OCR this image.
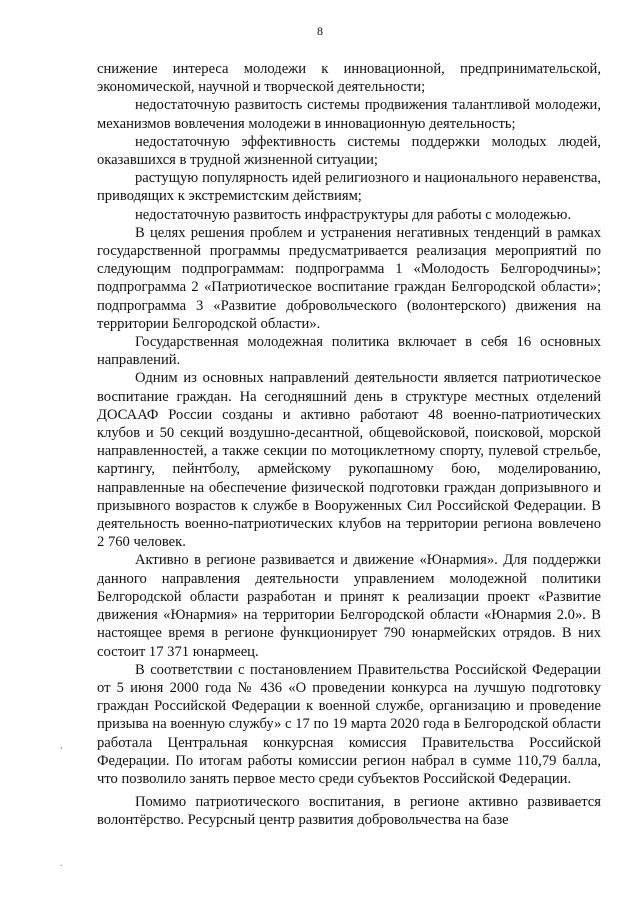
8

снижение интереса молодежи к инновационной, предпринимательской, экономической, научной и творческой деятельности;

недостаточную развитость системы продвижения талантливой молодежи, механизмов вовлечения молодежи в инновационную деятельность;

недостаточную эффективность системы поддержки молодых людей, оказавшихся в трудной жизненной ситуации;

растущую популярность идей религиозного и национального неравенства, приводящих к экстремистским действиям;

недостаточную развитость инфраструктуры для работы с молодежью.

В целях решения проблем и устранения негативных тенденций в рамках государственной программы предусматривается реализация мероприятий по следующим подпрограммам: подпрограмма 1 «Молодость Белгородчины»; подпрограмма 2 «Патриотическое воспитание граждан Белгородской области»; подпрограмма 3 «Развитие добровольческого (волонтерского) движения на территории Белгородской области».

Государственная молодежная политика включает в себя 16 основных направлений.

Одним из основных направлений деятельности является патриотическое воспитание граждан. На сегодняшний день в структуре местных отделений ДОСААФ России созданы и активно работают 48 военно-патриотических клубов и 50 секций воздушно-десантной, общевойсковой, поисковой, морской направленностей, а также секции по мотоциклетному спорту, пулевой стрельбе, картингу, пейнтболу, армейскому рукопашному бою, моделированию, направленные на обеспечение физической подготовки граждан допризывного и призывного возрастов к службе в Вооруженных Сил Российской Федерации. В деятельность военно-патриотических клубов на территории региона вовлечено 2 760 человек.

Активно в регионе развивается и движение «Юнармия». Для поддержки данного направления деятельности управлением молодежной политики Белгородской области разработан и принят к реализации проект «Развитие движения «Юнармия» на территории Белгородской области «Юнармия 2.0». В настоящее время в регионе функционирует 790 юнармейских отрядов. В них состоит 17 371 юнармеец.

В соответствии с постановлением Правительства Российской Федерации от 5 июня 2000 года № 436 «О проведении конкурса на лучшую подготовку граждан Российской Федерации к военной службе, организацию и проведение призыва на военную службу» с 17 по 19 марта 2020 года в Белгородской области работала Центральная конкурсная комиссия Правительства Российской Федерации. По итогам работы комиссии регион набрал в сумме 110,79 балла, что позволило занять первое место среди субъектов Российской Федерации.

Помимо патриотического воспитания, в регионе активно развивается волонтёрство. Ресурсный центр развития добровольчества на базе

,
.
